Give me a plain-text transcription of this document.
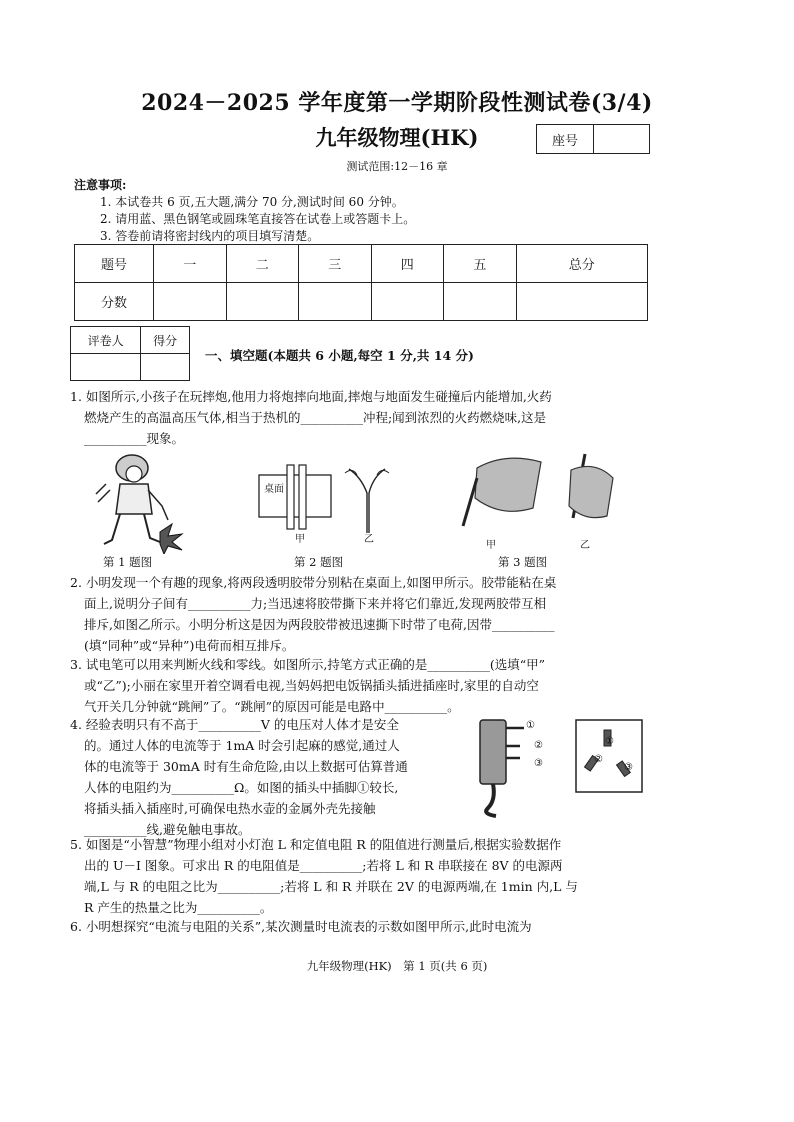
2024－2025 学年度第一学期阶段性测试卷(3/4)
九年级物理(HK)	座号
测试范围:12－16 章
注意事项:
1. 本试卷共 6 页,五大题,满分 70 分,测试时间 60 分钟。
2. 请用蓝、黑色钢笔或圆珠笔直接答在试卷上或答题卡上。
3. 答卷前请将密封线内的项目填写清楚。
题号	一	二	三	四	五	总分
分数						
评卷人	得分

一、填空题(本题共 6 小题,每空 1 分,共 14 分)
1. 如图所示,小孩子在玩摔炮,他用力将炮摔向地面,摔炮与地面发生碰撞后内能增加,火药
燃烧产生的高温高压气体,相当于热机的__________冲程;闻到浓烈的火药燃烧味,这是
__________现象。
桌面
甲	乙
甲	乙
第 1 题图	第 2 题图	第 3 题图
2. 小明发现一个有趣的现象,将两段透明胶带分别粘在桌面上,如图甲所示。胶带能粘在桌
面上,说明分子间有__________力;当迅速将胶带撕下来并将它们靠近,发现两胶带互相
排斥,如图乙所示。小明分析这是因为两段胶带被迅速撕下时带了电荷,因带__________
(填“同种”或“异种”)电荷而相互排斥。
3. 试电笔可以用来判断火线和零线。如图所示,持笔方式正确的是__________(选填“甲”
或“乙”);小丽在家里开着空调看电视,当妈妈把电饭锅插头插进插座时,家里的自动空
气开关几分钟就“跳闸”了。“跳闸”的原因可能是电路中__________。
4. 经验表明只有不高于__________V 的电压对人体才是安全
的。通过人体的电流等于 1mA 时会引起麻的感觉,通过人
体的电流等于 30mA 时有生命危险,由以上数据可估算普通
人体的电阻约为__________Ω。如图的插头中插脚①较长,
将插头插入插座时,可确保电热水壶的金属外壳先接触
__________线,避免触电事故。
①
②
③
①
②
③
5. 如图是“小智慧”物理小组对小灯泡 L 和定值电阻 R 的阻值进行测量后,根据实验数据作
出的 U－I 图象。可求出 R 的电阻值是__________;若将 L 和 R 串联接在 8V 的电源两
端,L 与 R 的电阻之比为__________;若将 L 和 R 并联在 2V 的电源两端,在 1min 内,L 与
R 产生的热量之比为__________。
6. 小明想探究“电流与电阻的关系”,某次测量时电流表的示数如图甲所示,此时电流为
九年级物理(HK)　第 1 页(共 6 页)
